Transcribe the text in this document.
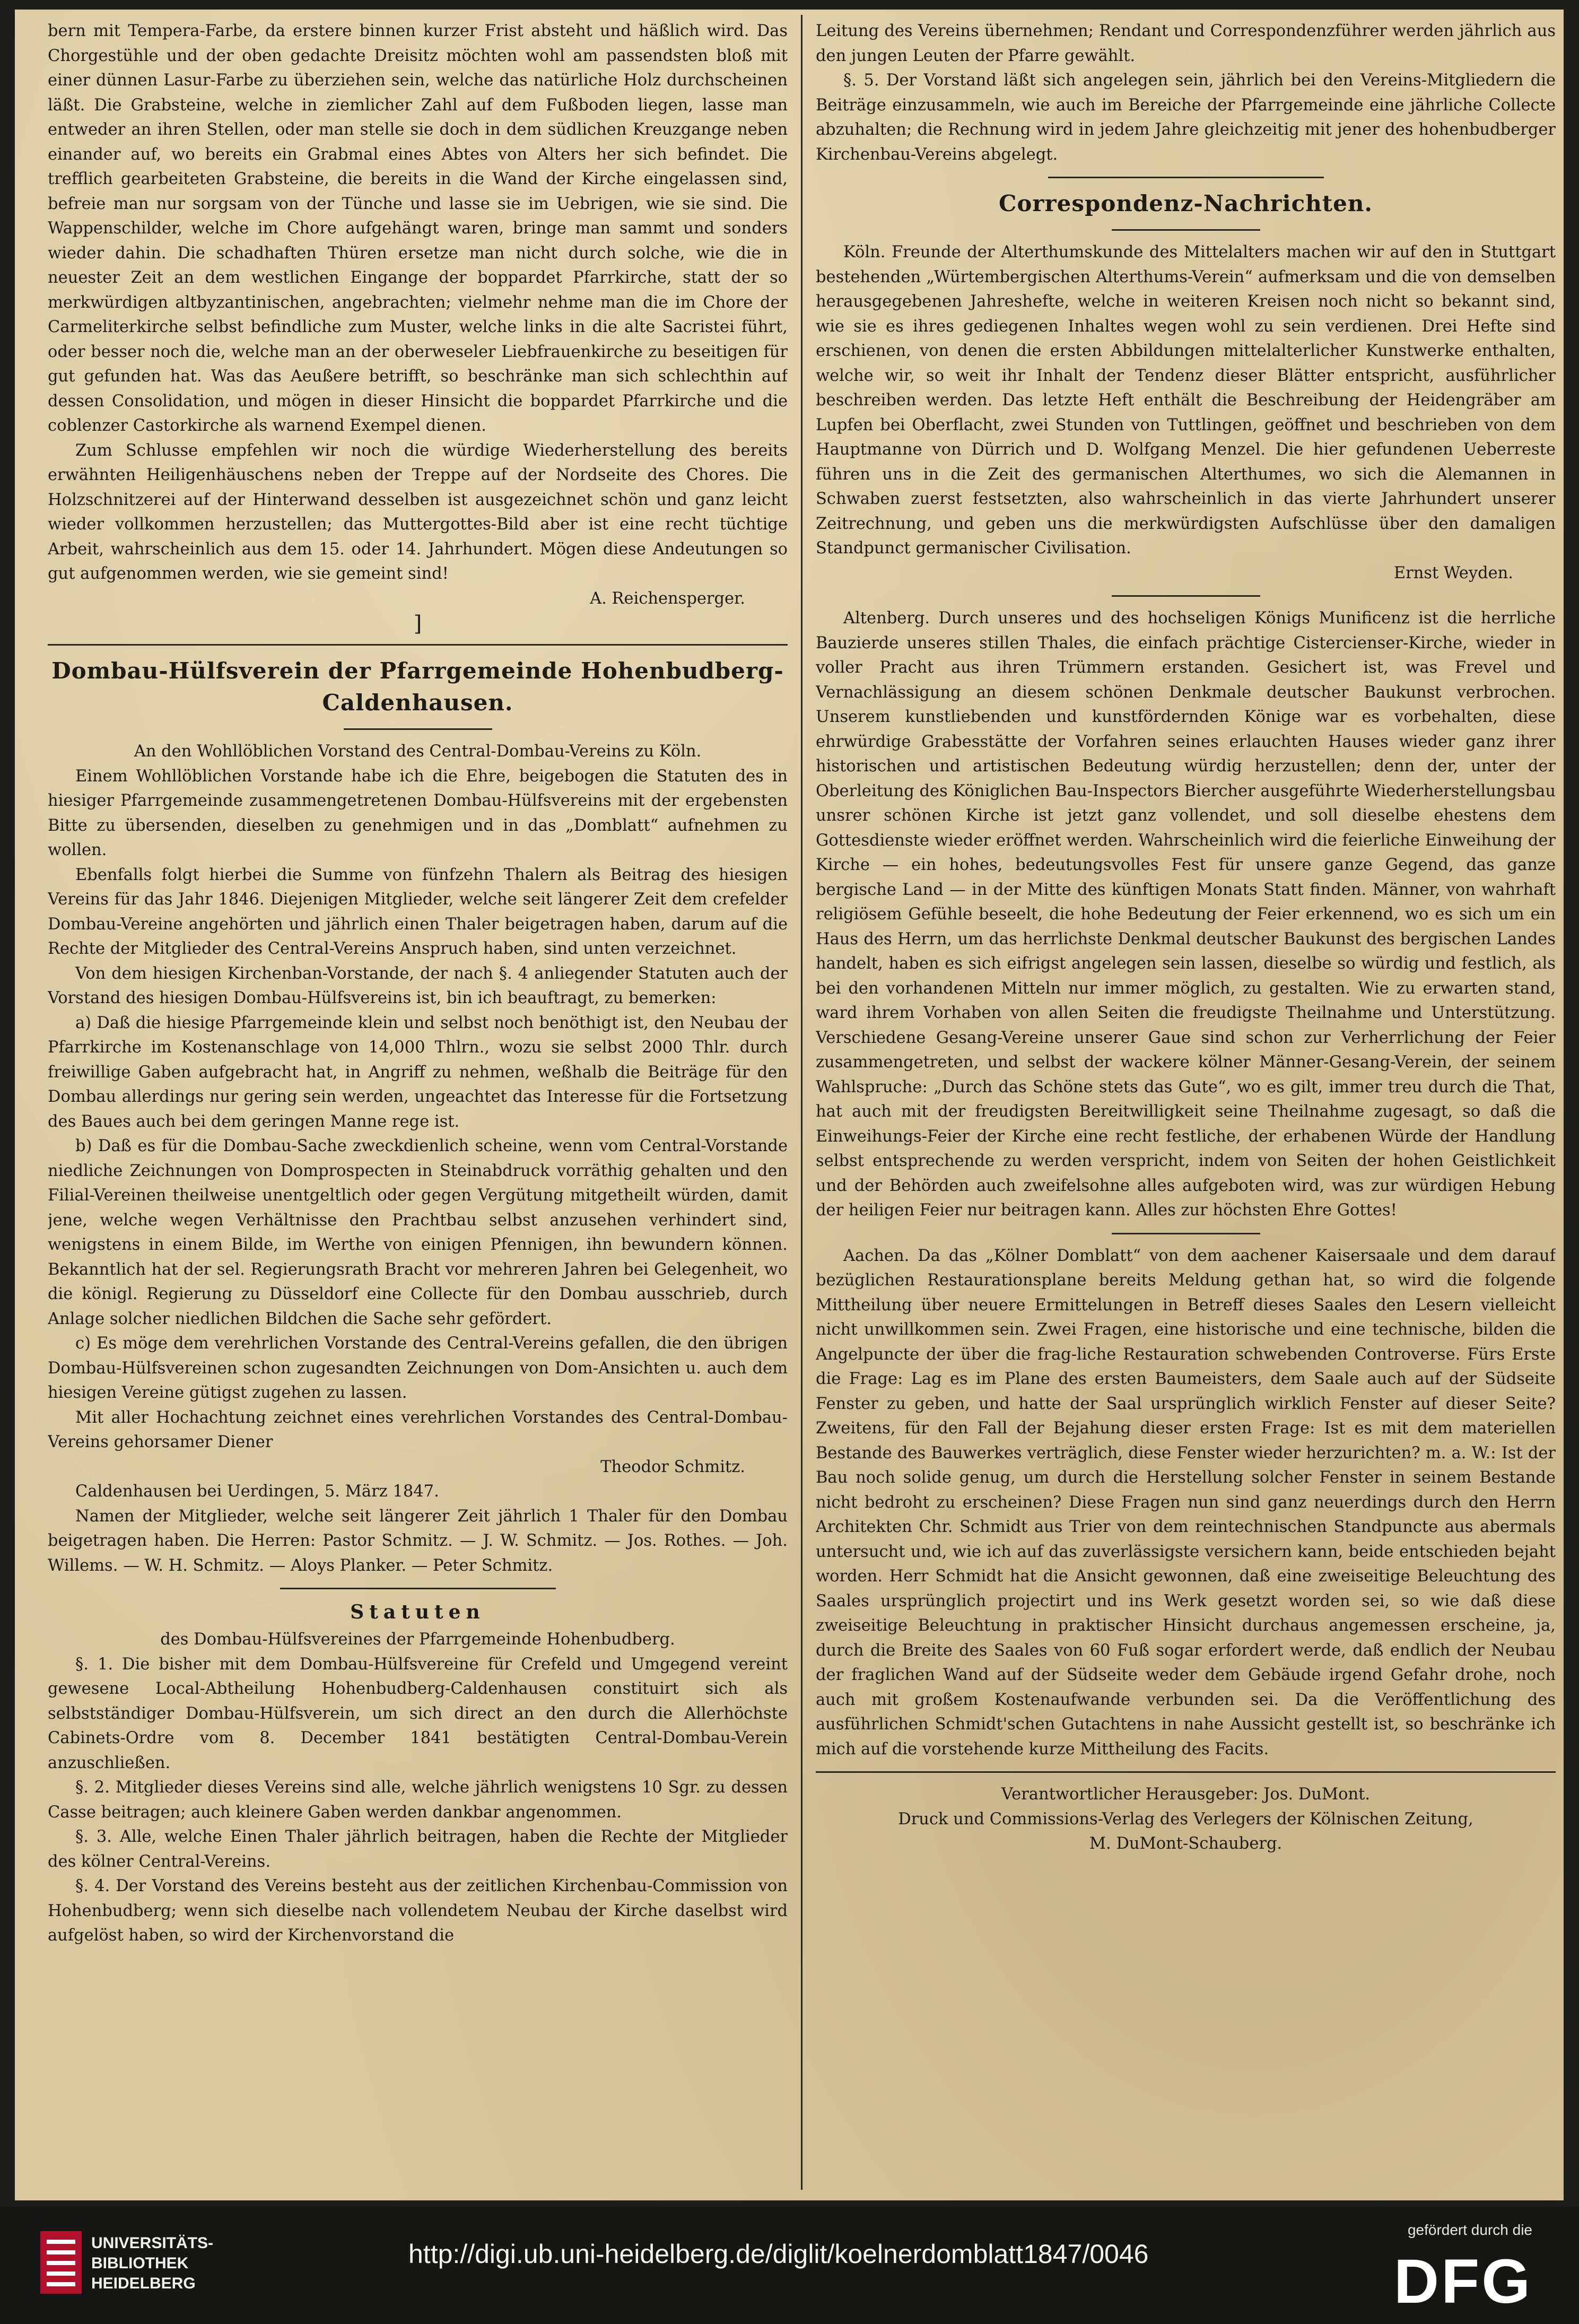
bern mit Tempera-Farbe, da erstere binnen kurzer Frist absteht und häßlich wird. Das Chorgestühle und der oben gedachte Dreisitz möchten wohl am passendsten bloß mit einer dünnen Lasur-Farbe zu überziehen sein, welche das natürliche Holz durchscheinen läßt. Die Grabsteine, welche in ziemlicher Zahl auf dem Fußboden liegen, lasse man entweder an ihren Stellen, oder man stelle sie doch in dem südlichen Kreuzgange neben einander auf, wo bereits ein Grabmal eines Abtes von Alters her sich befindet. Die trefflich gearbeiteten Grabsteine, die bereits in die Wand der Kirche eingelassen sind, befreie man nur sorgsam von der Tünche und lasse sie im Uebrigen, wie sie sind. Die Wappenschilder, welche im Chore aufgehängt waren, bringe man sammt und sonders wieder dahin. Die schadhaften Thüren ersetze man nicht durch solche, wie die in neuester Zeit an dem westlichen Eingange der boppardet Pfarrkirche, statt der so merkwürdigen altbyzantinischen, angebrachten; vielmehr nehme man die im Chore der Carmeliterkirche selbst befindliche zum Muster, welche links in die alte Sacristei führt, oder besser noch die, welche man an der oberweseler Liebfrauenkirche zu beseitigen für gut gefunden hat. Was das Aeußere betrifft, so beschränke man sich schlechthin auf dessen Consolidation, und mögen in dieser Hinsicht die boppardet Pfarrkirche und die coblenzer Castorkirche als warnend Exempel dienen.

Zum Schlusse empfehlen wir noch die würdige Wiederherstellung des bereits erwähnten Heiligenhäuschens neben der Treppe auf der Nordseite des Chores. Die Holzschnitzerei auf der Hinterwand desselben ist ausgezeichnet schön und ganz leicht wieder vollkommen herzustellen; das Muttergottes-Bild aber ist eine recht tüchtige Arbeit, wahrscheinlich aus dem 15. oder 14. Jahrhundert. Mögen diese Andeutungen so gut aufgenommen werden, wie sie gemeint sind!

A. Reichensperger.

]
Dombau-Hülfsverein der Pfarrgemeinde Hohenbudberg-Caldenhausen.

An den Wohllöblichen Vorstand des Central-Dombau-Vereins zu Köln.

Einem Wohllöblichen Vorstande habe ich die Ehre, beigebogen die Statuten des in hiesiger Pfarrgemeinde zusammengetretenen Dombau-Hülfsvereins mit der ergebensten Bitte zu übersenden, dieselben zu genehmigen und in das „Domblatt“ aufnehmen zu wollen.

Ebenfalls folgt hierbei die Summe von fünfzehn Thalern als Beitrag des hiesigen Vereins für das Jahr 1846. Diejenigen Mitglieder, welche seit längerer Zeit dem crefelder Dombau-Vereine angehörten und jährlich einen Thaler beigetragen haben, darum auf die Rechte der Mitglieder des Central-Vereins Anspruch haben, sind unten verzeichnet.

Von dem hiesigen Kirchenban-Vorstande, der nach §. 4 anliegender Statuten auch der Vorstand des hiesigen Dombau-Hülfsvereins ist, bin ich beauftragt, zu bemerken:

a) Daß die hiesige Pfarrgemeinde klein und selbst noch benöthigt ist, den Neubau der Pfarrkirche im Kostenanschlage von 14,000 Thlrn., wozu sie selbst 2000 Thlr. durch freiwillige Gaben aufgebracht hat, in Angriff zu nehmen, weßhalb die Beiträge für den Dombau allerdings nur gering sein werden, ungeachtet das Interesse für die Fortsetzung des Baues auch bei dem geringen Manne rege ist.

b) Daß es für die Dombau-Sache zweckdienlich scheine, wenn vom Central-Vorstande niedliche Zeichnungen von Domprospecten in Steinabdruck vorräthig gehalten und den Filial-Vereinen theilweise unentgeltlich oder gegen Vergütung mitgetheilt würden, damit jene, welche wegen Verhältnisse den Prachtbau selbst anzusehen verhindert sind, wenigstens in einem Bilde, im Werthe von einigen Pfennigen, ihn bewundern können. Bekanntlich hat der sel. Regierungsrath Bracht vor mehreren Jahren bei Gelegenheit, wo die königl. Regierung zu Düsseldorf eine Collecte für den Dombau ausschrieb, durch Anlage solcher niedlichen Bildchen die Sache sehr gefördert.

c) Es möge dem verehrlichen Vorstande des Central-Vereins gefallen, die den übrigen Dombau-Hülfsvereinen schon zugesandten Zeichnungen von Dom-Ansichten u. auch dem hiesigen Vereine gütigst zugehen zu lassen.

Mit aller Hochachtung zeichnet eines verehrlichen Vorstandes des Central-Dombau-Vereins gehorsamer Diener

Theodor Schmitz.

Caldenhausen bei Uerdingen, 5. März 1847.

Namen der Mitglieder, welche seit längerer Zeit jährlich 1 Thaler für den Dombau beigetragen haben. Die Herren: Pastor Schmitz. — J. W. Schmitz. — Jos. Rothes. — Joh. Willems. — W. H. Schmitz. — Aloys Planker. — Peter Schmitz.

Statuten

des Dombau-Hülfsvereines der Pfarrgemeinde Hohenbudberg.

§. 1. Die bisher mit dem Dombau-Hülfsvereine für Crefeld und Umgegend vereint gewesene Local-Abtheilung Hohenbudberg-Caldenhausen constituirt sich als selbstständiger Dombau-Hülfsverein, um sich direct an den durch die Allerhöchste Cabinets-Ordre vom 8. December 1841 bestätigten Central-Dombau-Verein anzuschließen.

§. 2. Mitglieder dieses Vereins sind alle, welche jährlich wenigstens 10 Sgr. zu dessen Casse beitragen; auch kleinere Gaben werden dankbar angenommen.

§. 3. Alle, welche Einen Thaler jährlich beitragen, haben die Rechte der Mitglieder des kölner Central-Vereins.

§. 4. Der Vorstand des Vereins besteht aus der zeitlichen Kirchenbau-Commission von Hohenbudberg; wenn sich dieselbe nach vollendetem Neubau der Kirche daselbst wird aufgelöst haben, so wird der Kirchenvorstand die

Leitung des Vereins übernehmen; Rendant und Correspondenzführer werden jährlich aus den jungen Leuten der Pfarre gewählt.

§. 5. Der Vorstand läßt sich angelegen sein, jährlich bei den Vereins-Mitgliedern die Beiträge einzusammeln, wie auch im Bereiche der Pfarrgemeinde eine jährliche Collecte abzuhalten; die Rechnung wird in jedem Jahre gleichzeitig mit jener des hohenbudberger Kirchenbau-Vereins abgelegt.

Correspondenz-Nachrichten.

Köln. Freunde der Alterthumskunde des Mittelalters machen wir auf den in Stuttgart bestehenden „Würtembergischen Alterthums-Verein“ aufmerksam und die von demselben herausgegebenen Jahreshefte, welche in weiteren Kreisen noch nicht so bekannt sind, wie sie es ihres gediegenen Inhaltes wegen wohl zu sein verdienen. Drei Hefte sind erschienen, von denen die ersten Abbildungen mittelalterlicher Kunstwerke enthalten, welche wir, so weit ihr Inhalt der Tendenz dieser Blätter entspricht, ausführlicher beschreiben werden. Das letzte Heft enthält die Beschreibung der Heidengräber am Lupfen bei Oberflacht, zwei Stunden von Tuttlingen, geöffnet und beschrieben von dem Hauptmanne von Dürrich und D. Wolfgang Menzel. Die hier gefundenen Ueberreste führen uns in die Zeit des germanischen Alterthumes, wo sich die Alemannen in Schwaben zuerst festsetzten, also wahrscheinlich in das vierte Jahrhundert unserer Zeitrechnung, und geben uns die merkwürdigsten Aufschlüsse über den damaligen Standpunct germanischer Civilisation.

Ernst Weyden.

Altenberg. Durch unseres und des hochseligen Königs Munificenz ist die herrliche Bauzierde unseres stillen Thales, die einfach prächtige Cistercienser-Kirche, wieder in voller Pracht aus ihren Trümmern erstanden. Gesichert ist, was Frevel und Vernachlässigung an diesem schönen Denkmale deutscher Baukunst verbrochen. Unserem kunstliebenden und kunstfördernden Könige war es vorbehalten, diese ehrwürdige Grabesstätte der Vorfahren seines erlauchten Hauses wieder ganz ihrer historischen und artistischen Bedeutung würdig herzustellen; denn der, unter der Oberleitung des Königlichen Bau-Inspectors Biercher ausgeführte Wiederherstellungsbau unsrer schönen Kirche ist jetzt ganz vollendet, und soll dieselbe ehestens dem Gottesdienste wieder eröffnet werden. Wahrscheinlich wird die feierliche Einweihung der Kirche — ein hohes, bedeutungsvolles Fest für unsere ganze Gegend, das ganze bergische Land — in der Mitte des künftigen Monats Statt finden. Männer, von wahrhaft religiösem Gefühle beseelt, die hohe Bedeutung der Feier erkennend, wo es sich um ein Haus des Herrn, um das herrlichste Denkmal deutscher Baukunst des bergischen Landes handelt, haben es sich eifrigst angelegen sein lassen, dieselbe so würdig und festlich, als bei den vorhandenen Mitteln nur immer möglich, zu gestalten. Wie zu erwarten stand, ward ihrem Vorhaben von allen Seiten die freudigste Theilnahme und Unterstützung. Verschiedene Gesang-Vereine unserer Gaue sind schon zur Verherrlichung der Feier zusammengetreten, und selbst der wackere kölner Männer-Gesang-Verein, der seinem Wahlspruche: „Durch das Schöne stets das Gute“, wo es gilt, immer treu durch die That, hat auch mit der freudigsten Bereitwilligkeit seine Theilnahme zugesagt, so daß die Einweihungs-Feier der Kirche eine recht festliche, der erhabenen Würde der Handlung selbst entsprechende zu werden verspricht, indem von Seiten der hohen Geistlichkeit und der Behörden auch zweifelsohne alles aufgeboten wird, was zur würdigen Hebung der heiligen Feier nur beitragen kann. Alles zur höchsten Ehre Gottes!

Aachen. Da das „Kölner Domblatt“ von dem aachener Kaisersaale und dem darauf bezüglichen Restaurationsplane bereits Meldung gethan hat, so wird die folgende Mittheilung über neuere Ermittelungen in Betreff dieses Saales den Lesern vielleicht nicht unwillkommen sein. Zwei Fragen, eine historische und eine technische, bilden die Angelpuncte der über die frag-liche Restauration schwebenden Controverse. Fürs Erste die Frage: Lag es im Plane des ersten Baumeisters, dem Saale auch auf der Südseite Fenster zu geben, und hatte der Saal ursprünglich wirklich Fenster auf dieser Seite? Zweitens, für den Fall der Bejahung dieser ersten Frage: Ist es mit dem materiellen Bestande des Bauwerkes verträglich, diese Fenster wieder herzurichten? m. a. W.: Ist der Bau noch solide genug, um durch die Herstellung solcher Fenster in seinem Bestande nicht bedroht zu erscheinen? Diese Fragen nun sind ganz neuerdings durch den Herrn Architekten Chr. Schmidt aus Trier von dem reintechnischen Standpuncte aus abermals untersucht und, wie ich auf das zuverlässigste versichern kann, beide entschieden bejaht worden. Herr Schmidt hat die Ansicht gewonnen, daß eine zweiseitige Beleuchtung des Saales ursprünglich projectirt und ins Werk gesetzt worden sei, so wie daß diese zweiseitige Beleuchtung in praktischer Hinsicht durchaus angemessen erscheine, ja, durch die Breite des Saales von 60 Fuß sogar erfordert werde, daß endlich der Neubau der fraglichen Wand auf der Südseite weder dem Gebäude irgend Gefahr drohe, noch auch mit großem Kostenaufwande verbunden sei. Da die Veröffentlichung des ausführlichen Schmidt'schen Gutachtens in nahe Aussicht gestellt ist, so beschränke ich mich auf die vorstehende kurze Mittheilung des Facits.

Verantwortlicher Herausgeber: Jos. DuMont.

Druck und Commissions-Verlag des Verlegers der Kölnischen Zeitung,

M. DuMont-Schauberg.

UNIVERSITÄTS-
BIBLIOTHEK
HEIDELBERG
http://digi.ub.uni-heidelberg.de/diglit/koelnerdomblatt1847/0046
gefördert durch die
DFG
